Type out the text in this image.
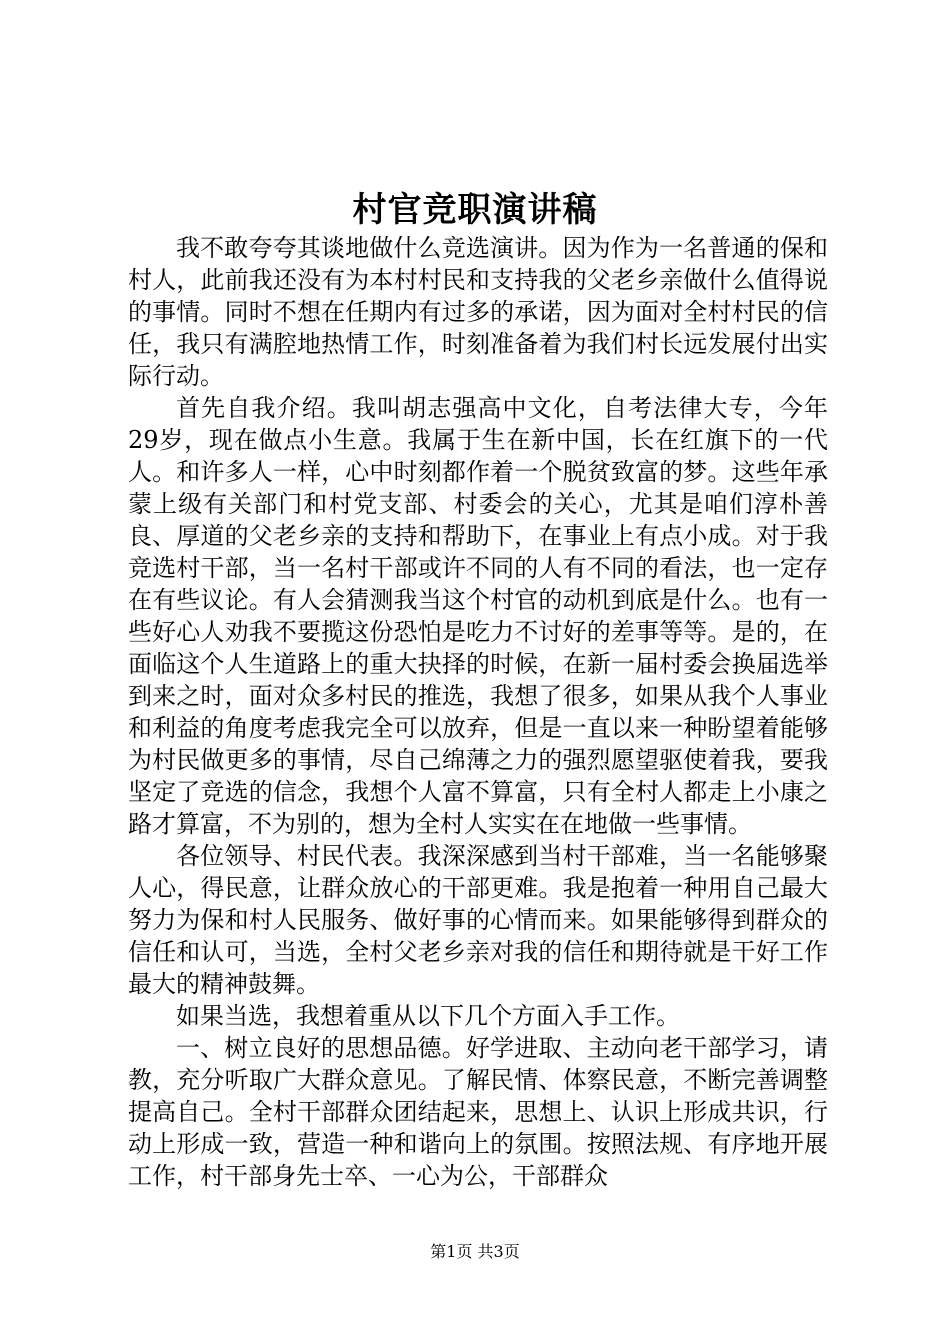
村官竞职演讲稿

我不敢夸夸其谈地做什么竞选演讲。因为作为一名普通的保和村人，此前我还没有为本村村民和支持我的父老乡亲做什么值得说的事情。同时不想在任期内有过多的承诺，因为面对全村村民的信任，我只有满腔地热情工作，时刻准备着为我们村长远发展付出实际行动。

首先自我介绍。我叫胡志强高中文化，自考法律大专，今年29岁，现在做点小生意。我属于生在新中国，长在红旗下的一代人。和许多人一样，心中时刻都作着一个脱贫致富的梦。这些年承蒙上级有关部门和村党支部、村委会的关心，尤其是咱们淳朴善良、厚道的父老乡亲的支持和帮助下，在事业上有点小成。对于我竞选村干部，当一名村干部或许不同的人有不同的看法，也一定存在有些议论。有人会猜测我当这个村官的动机到底是什么。也有一些好心人劝我不要揽这份恐怕是吃力不讨好的差事等等。是的，在面临这个人生道路上的重大抉择的时候，在新一届村委会换届选举到来之时，面对众多村民的推选，我想了很多，如果从我个人事业和利益的角度考虑我完全可以放弃，但是一直以来一种盼望着能够为村民做更多的事情，尽自己绵薄之力的强烈愿望驱使着我，要我坚定了竞选的信念，我想个人富不算富，只有全村人都走上小康之路才算富，不为别的，想为全村人实实在在地做一些事情。

各位领导、村民代表。我深深感到当村干部难，当一名能够聚人心，得民意，让群众放心的干部更难。我是抱着一种用自己最大努力为保和村人民服务、做好事的心情而来。如果能够得到群众的信任和认可，当选，全村父老乡亲对我的信任和期待就是干好工作最大的精神鼓舞。

如果当选，我想着重从以下几个方面入手工作。

一、树立良好的思想品德。好学进取、主动向老干部学习，请教，充分听取广大群众意见。了解民情、体察民意，不断完善调整提高自己。全村干部群众团结起来，思想上、认识上形成共识，行动上形成一致，营造一种和谐向上的氛围。按照法规、有序地开展工作，村干部身先士卒、一心为公，干部群众

第1页 共3页
